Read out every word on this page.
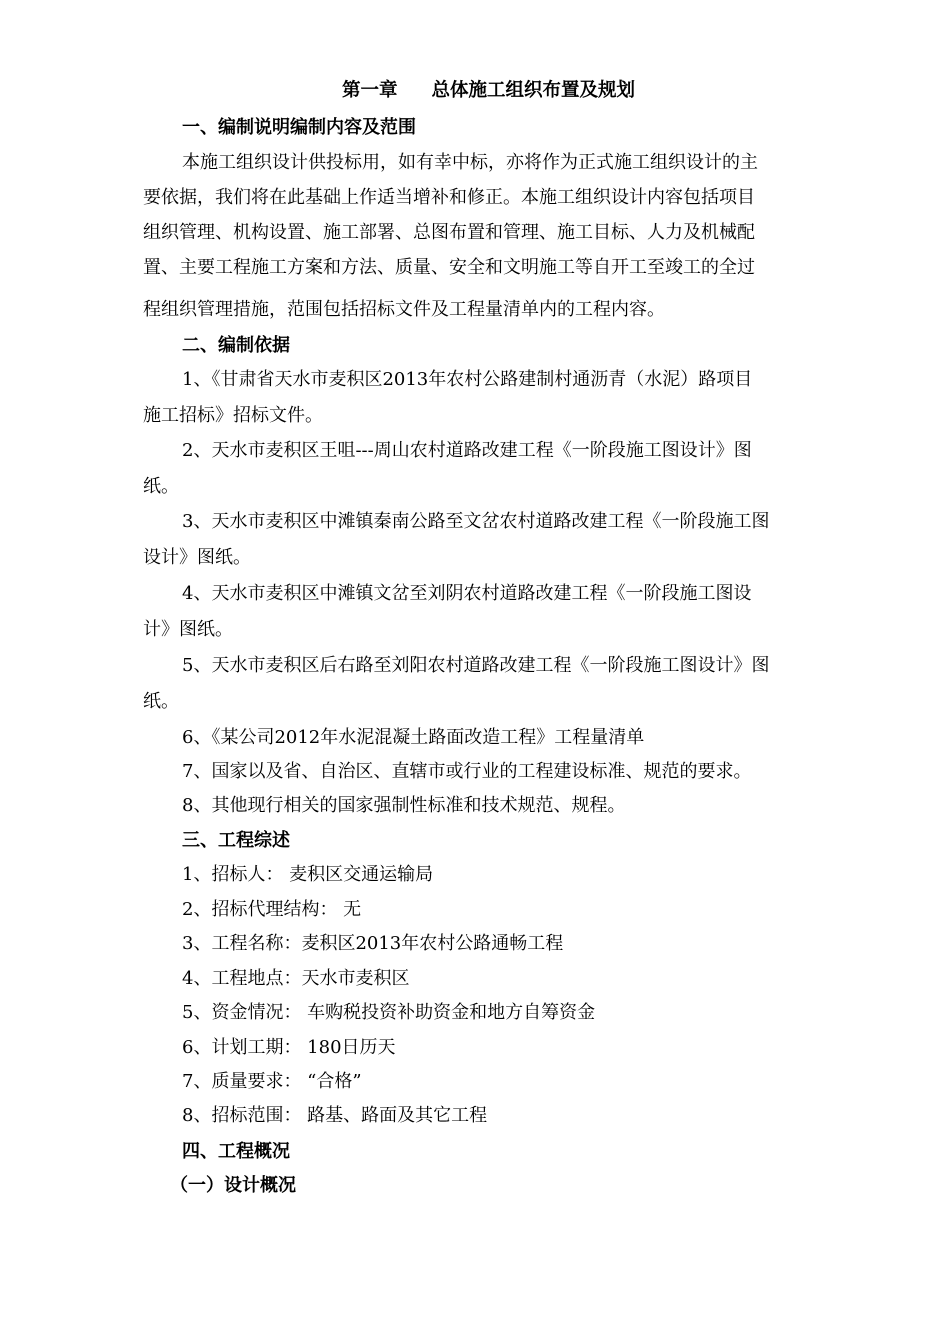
第一章 总体施工组织布置及规划
一、编制说明编制内容及范围
本施工组织设计供投标用，如有幸中标，亦将作为正式施工组织设计的主
要依据，我们将在此基础上作适当增补和修正。本施工组织设计内容包括项目
组织管理、机构设置、施工部署、总图布置和管理、施工目标、人力及机械配
置、主要工程施工方案和方法、质量、安全和文明施工等自开工至竣工的全过
程组织管理措施，范围包括招标文件及工程量清单内的工程内容。
二、编制依据
1、《甘肃省天水市麦积区2013年农村公路建制村通沥青（水泥）路项目
施工招标》招标文件。
2、天水市麦积区王咀---周山农村道路改建工程《一阶段施工图设计》图
纸。
3、天水市麦积区中滩镇秦南公路至文岔农村道路改建工程《一阶段施工图
设计》图纸。
4、天水市麦积区中滩镇文岔至刘阴农村道路改建工程《一阶段施工图设
计》图纸。
5、天水市麦积区后右路至刘阳农村道路改建工程《一阶段施工图设计》图
纸。
6、《某公司2012年水泥混凝土路面改造工程》工程量清单
7、国家以及省、自治区、直辖市或行业的工程建设标准、规范的要求。
8、其他现行相关的国家强制性标准和技术规范、规程。
三、工程综述
1、招标人： 麦积区交通运输局
2、招标代理结构： 无
3、工程名称：麦积区2013年农村公路通畅工程
4、工程地点：天水市麦积区
5、资金情况： 车购税投资补助资金和地方自筹资金
6、计划工期： 180日历天
7、质量要求： “合格”
8、招标范围： 路基、路面及其它工程
四、工程概况
（一）设计概况
